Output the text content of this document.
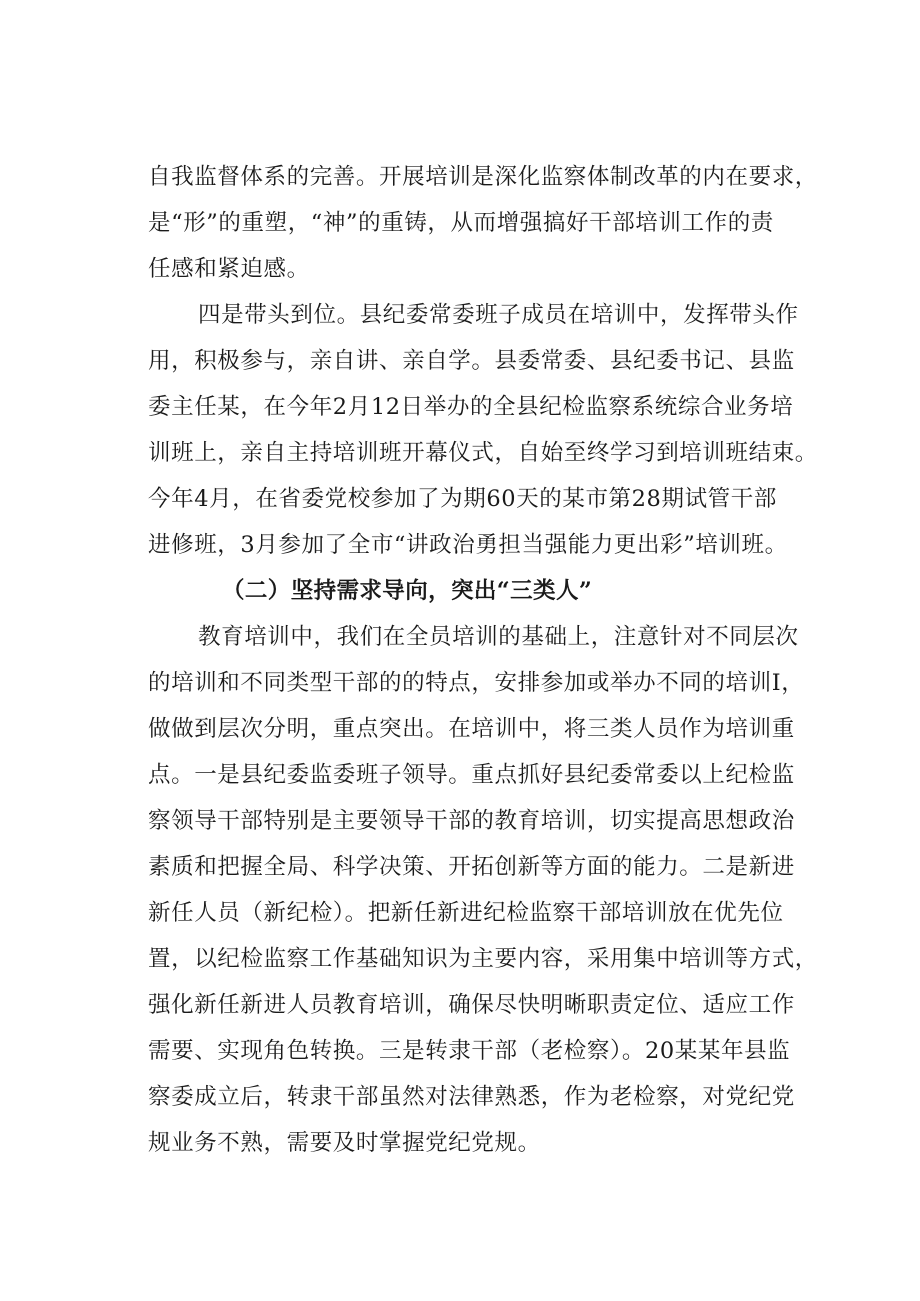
自我监督体系的完善。开展培训是深化监察体制改革的内在要求，
是“形”的重塑，“神”的重铸，从而增强搞好干部培训工作的责
任感和紧迫感。
四是带头到位。县纪委常委班子成员在培训中，发挥带头作
用，积极参与，亲自讲、亲自学。县委常委、县纪委书记、县监
委主任某，在今年2月12日举办的全县纪检监察系统综合业务培
训班上，亲自主持培训班开幕仪式，自始至终学习到培训班结束。
今年4月，在省委党校参加了为期60天的某市第28期试管干部
进修班，3月参加了全市“讲政治勇担当强能力更出彩”培训班。
（二）坚持需求导向，突出“三类人”
教育培训中，我们在全员培训的基础上，注意针对不同层次
的培训和不同类型干部的的特点，安排参加或举办不同的培训I，
做做到层次分明，重点突出。在培训中，将三类人员作为培训重
点。一是县纪委监委班子领导。重点抓好县纪委常委以上纪检监
察领导干部特别是主要领导干部的教育培训，切实提高思想政治
素质和把握全局、科学决策、开拓创新等方面的能力。二是新进
新任人员（新纪检）。把新任新进纪检监察干部培训放在优先位
置，以纪检监察工作基础知识为主要内容，采用集中培训等方式，
强化新任新进人员教育培训，确保尽快明晰职责定位、适应工作
需要、实现角色转换。三是转隶干部（老检察）。20某某年县监
察委成立后，转隶干部虽然对法律熟悉，作为老检察，对党纪党
规业务不熟，需要及时掌握党纪党规。
